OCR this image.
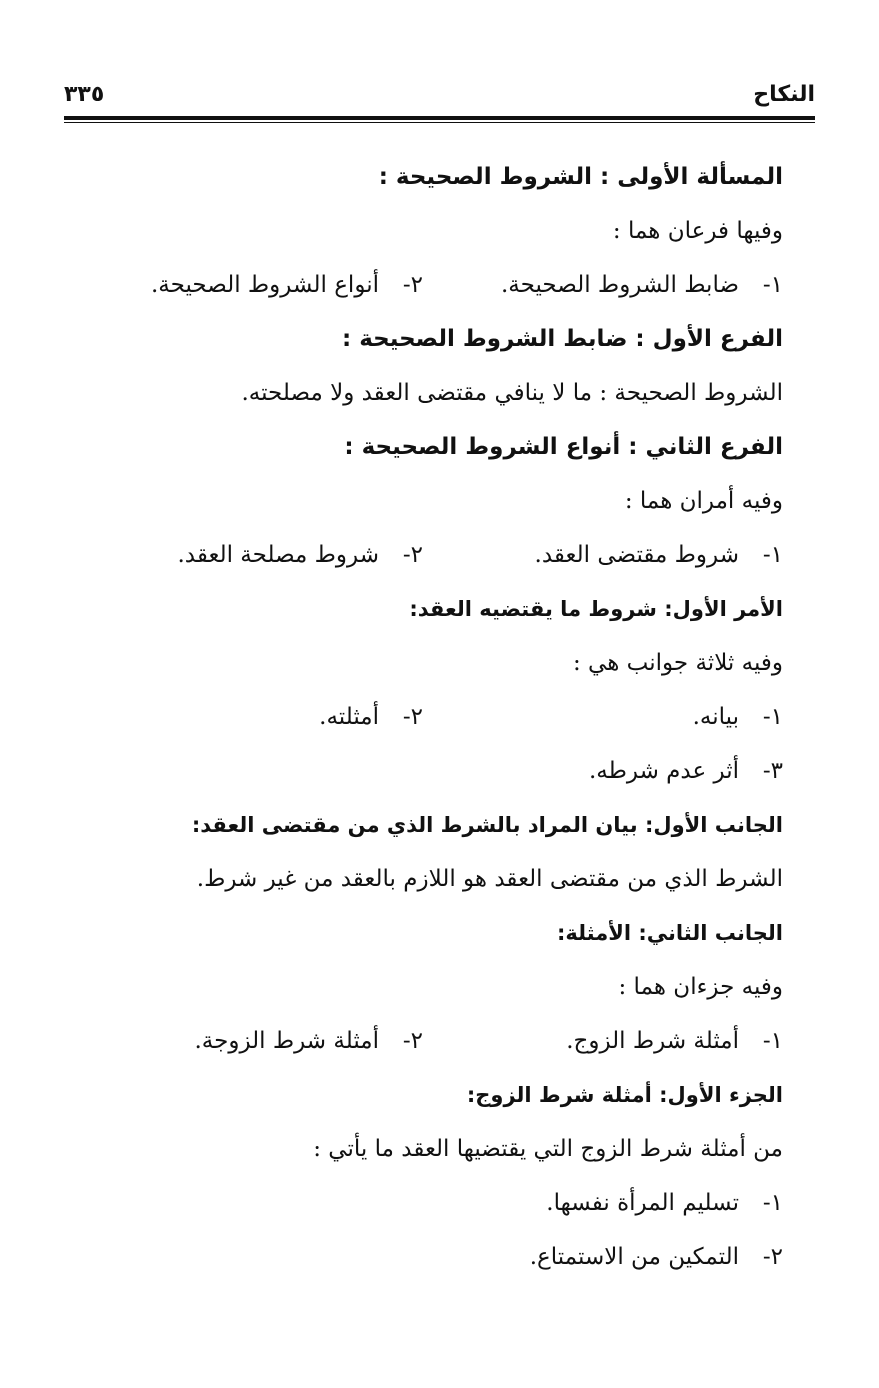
النكاح
٣٣٥
المسألة الأولى : الشروط الصحيحة :
وفيها فرعان هما :
١-ضابط الشروط الصحيحة.
٢-أنواع الشروط الصحيحة.
الفرع الأول : ضابط الشروط الصحيحة :
الشروط الصحيحة : ما لا ينافي مقتضى العقد ولا مصلحته.
الفرع الثاني : أنواع الشروط الصحيحة :
وفيه أمران هما :
١-شروط مقتضى العقد.
٢-شروط مصلحة العقد.
الأمر الأول: شروط ما يقتضيه العقد:
وفيه ثلاثة جوانب هي :
١-بيانه.
٢-أمثلته.
٣-أثر عدم شرطه.
الجانب الأول: بيان المراد بالشرط الذي من مقتضى العقد:
الشرط الذي من مقتضى العقد هو اللازم بالعقد من غير شرط.
الجانب الثاني: الأمثلة:
وفيه جزءان هما :
١-أمثلة شرط الزوج.
٢-أمثلة شرط الزوجة.
الجزء الأول: أمثلة شرط الزوج:
من أمثلة شرط الزوج التي يقتضيها العقد ما يأتي :
١-تسليم المرأة نفسها.
٢-التمكين من الاستمتاع.
